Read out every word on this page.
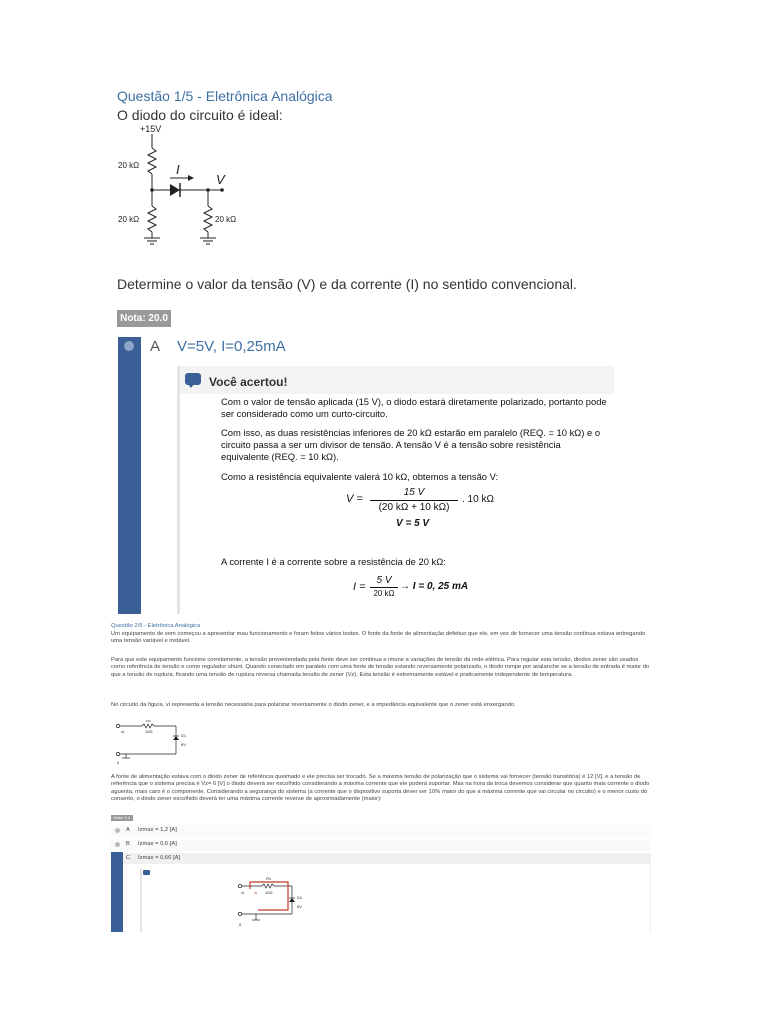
Questão 1/5 - Eletrônica Analógica
O diodo do circuito é ideal:
+15V
20 kΩ	I
V
20 kΩ	20 kΩ
Determine o valor da tensão (V) e da corrente (I) no sentido convencional.
Nota: 20.0
A V=5V, I=0,25mA
Você acertou!
Com o valor de tensão aplicada (15 V), o diodo estará diretamente polarizado, portanto pode ser considerado como um curto-circuito.
Com isso, as duas resistências inferiores de 20 kΩ estarão em paralelo (REQ. = 10 kΩ) e o circuito passa a ser um divisor de tensão. A tensão V é a tensão sobre resistência equivalente (REQ. = 10 kΩ).
Como a resistência equivalente valerá 10 kΩ, obtemos a tensão V:
V =
15 V
(20 kΩ + 10 kΩ)
. 10 kΩ
V = 5 V
A corrente I é a corrente sobre a resistência de 20 kΩ:
I =
5 V
20 kΩ
→ I = 0, 25 mA
Questão 2/5 - Eletrônica Analógica
Um equipamento de som começou a apresentar mau funcionamento e foram feitos vários testes. O fonte da fonte de alimentação defeituo que ele, em vez de fornecer uma tensão contínua estava entregando uma tensão variável e instável.
Para que este equipamento funcione corretamente, a tensão proveniendada pela fonte deve ser contínua e imune a variações de tensão da rede elétrica. Para regular esta tensão, diodos zener são usados como referência de tensão e como regulador shunt. Quando conectado em paralelo com uma fonte de tensão estando reversamente polarizado, o diodo rompe por avalanche se a tensão de entrada é maior do que a tensão de ruptura, fixando uma tensão de ruptura reversa chamada tensão de zener (Vz). Esta tensão é extremamente estável e praticamente independente de temperatura.
No circuito da figura, vi representa a tensão necessária para polarizar reversamente o diodo zener, e a impedância equivalente que o zener está enxergando.
R1
10Ω
vi
D1
6V
0
A fonte de alimentação estava com o diodo zener de referência queimado e ele precisa ser trocado. Se a máxima tensão de polarização que o sistema vai fornecer (tensão transitória) é 12 [V], e a tensão de referência que o sistema precisa é Vz= 6 [V] o diodo deverá ser escolhido considerando a máxima corrente que ele poderá suportar. Mas na hora da troca devemos considerar que quanto mais corrente o diodo aguenta, mais caro é o componente. Considerando a segurança do sistema (a corrente que o dispositivo suporta dever ser 10% maior do que a máxima corrente que vai circular no circuito) e o menor custo do conserto, o diodo zener escolhido deverá ter uma máxima corrente reverse de aproximadamente (maior):
Nota: 0.0
A Izmax = 1,2 [A]
B Izmax = 0,6 [A]
C Izmax = 0,66 [A]
R1
10Ω
vi	Is
D1
6V
0
